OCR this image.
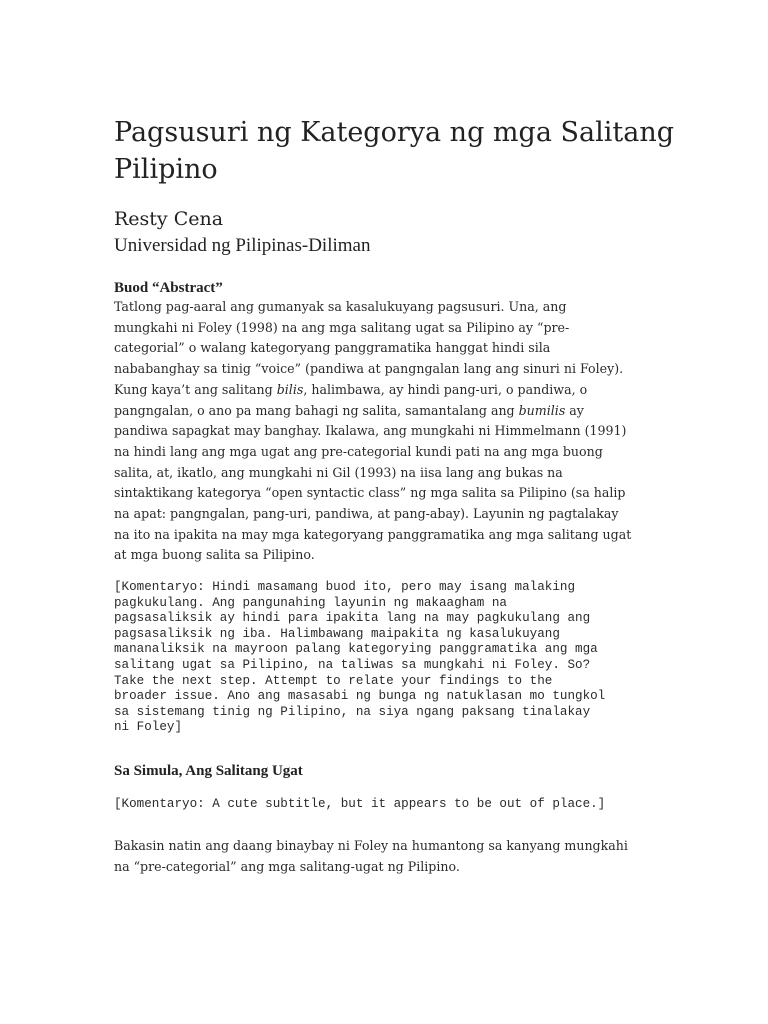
Pagsusuri ng Kategorya ng mga Salitang Pilipino
Resty Cena
Universidad ng Pilipinas-Diliman
Buod “Abstract”

Tatlong pag-aaral ang gumanyak sa kasalukuyang pagsusuri. Una, ang
mungkahi ni Foley (1998) na ang mga salitang ugat sa Pilipino ay “pre-
categorial” o walang kategoryang panggramatika hanggat hindi sila
nababanghay sa tinig “voice” (pandiwa at pangngalan lang ang sinuri ni Foley).
Kung kaya’t ang salitang bilis, halimbawa, ay hindi pang-uri, o pandiwa, o
pangngalan, o ano pa mang bahagi ng salita, samantalang ang bumilis ay
pandiwa sapagkat may banghay. Ikalawa, ang mungkahi ni Himmelmann (1991)
na hindi lang ang mga ugat ang pre-categorial kundi pati na ang mga buong
salita, at, ikatlo, ang mungkahi ni Gil (1993) na iisa lang ang bukas na
sintaktikang kategorya “open syntactic class” ng mga salita sa Pilipino (sa halip
na apat: pangngalan, pang-uri, pandiwa, at pang-abay). Layunin ng pagtalakay
na ito na ipakita na may mga kategoryang panggramatika ang mga salitang ugat
at mga buong salita sa Pilipino.

[Komentaryo: Hindi masamang buod ito, pero may isang malaking
pagkukulang. Ang pangunahing layunin ng makaagham na
pagsasaliksik ay hindi para ipakita lang na may pagkukulang ang
pagsasaliksik ng iba. Halimbawang maipakita ng kasalukuyang
mananaliksik na mayroon palang kategorying panggramatika ang mga
salitang ugat sa Pilipino, na taliwas sa mungkahi ni Foley. So?
Take the next step. Attempt to relate your findings to the
broader issue. Ano ang masasabi ng bunga ng natuklasan mo tungkol
sa sistemang tinig ng Pilipino, na siya ngang paksang tinalakay
ni Foley]
Sa Simula, Ang Salitang Ugat
[Komentaryo: A cute subtitle, but it appears to be out of place.]

Bakasin natin ang daang binaybay ni Foley na humantong sa kanyang mungkahi
na “pre-categorial” ang mga salitang-ugat ng Pilipino.
